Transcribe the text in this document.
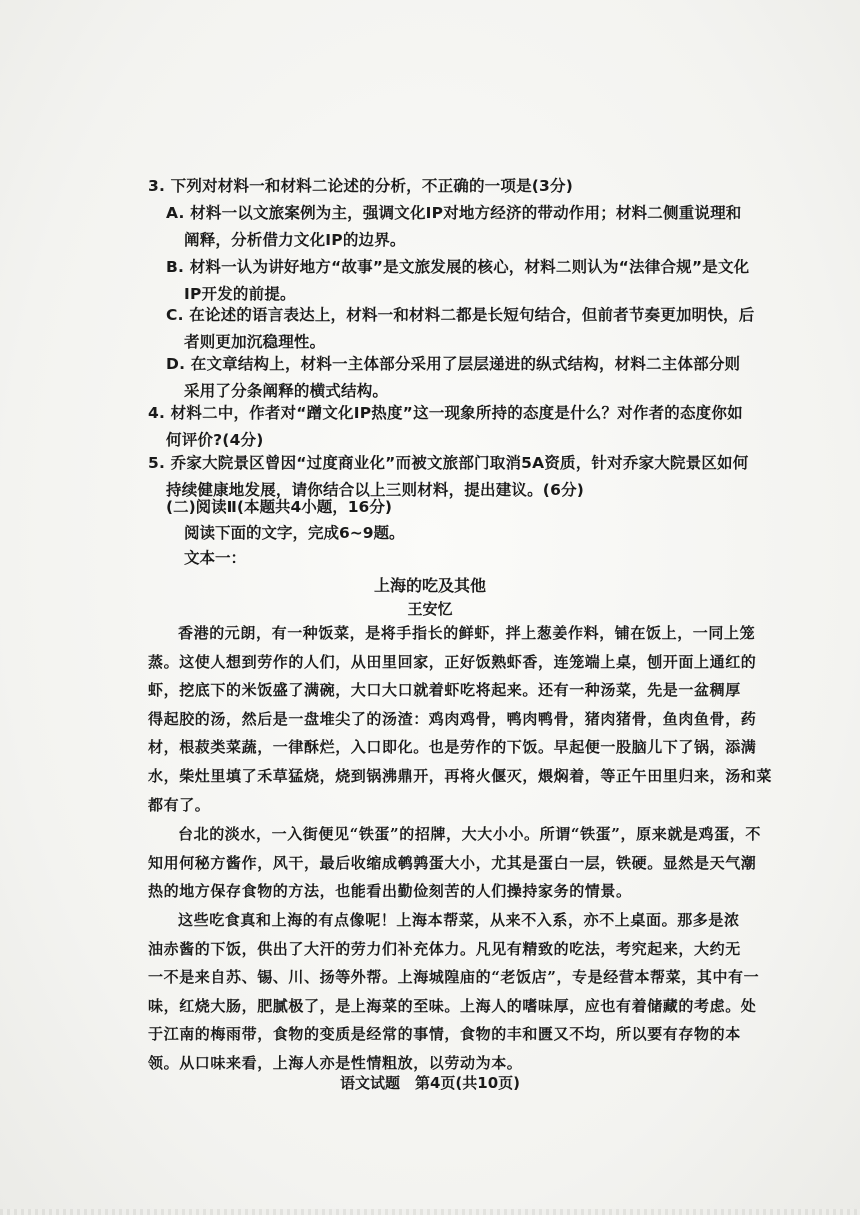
3. 下列对材料一和材料二论述的分析，不正确的一项是(3分)
A. 材料一以文旅案例为主，强调文化IP对地方经济的带动作用；材料二侧重说理和
阐释，分析借力文化IP的边界。
B. 材料一认为讲好地方“故事”是文旅发展的核心，材料二则认为“法律合规”是文化
IP开发的前提。
C. 在论述的语言表达上，材料一和材料二都是长短句结合，但前者节奏更加明快，后
者则更加沉稳理性。
D. 在文章结构上，材料一主体部分采用了层层递进的纵式结构，材料二主体部分则
采用了分条阐释的横式结构。
4. 材料二中，作者对“蹭文化IP热度”这一现象所持的态度是什么？对作者的态度你如
何评价?(4分)
5. 乔家大院景区曾因“过度商业化”而被文旅部门取消5A资质，针对乔家大院景区如何
持续健康地发展，请你结合以上三则材料，提出建议。(6分)
(二)阅读Ⅱ(本题共4小题，16分)
阅读下面的文字，完成6~9题。
文本一：
上海的吃及其他
王安忆
香港的元朗，有一种饭菜，是将手指长的鲜虾，拌上葱姜作料，铺在饭上，一同上笼
蒸。这使人想到劳作的人们，从田里回家，正好饭熟虾香，连笼端上桌，刨开面上通红的
虾，挖底下的米饭盛了满碗，大口大口就着虾吃将起来。还有一种汤菜，先是一盆稠厚
得起胶的汤，然后是一盘堆尖了的汤渣：鸡肉鸡骨，鸭肉鸭骨，猪肉猪骨，鱼肉鱼骨，药
材，根菽类菜蔬，一律酥烂，入口即化。也是劳作的下饭。早起便一股脑儿下了锅，添满
水，柴灶里填了禾草猛烧，烧到锅沸鼎开，再将火偃灭，煨焖着，等正午田里归来，汤和菜
都有了。
台北的淡水，一入街便见“铁蛋”的招牌，大大小小。所谓“铁蛋”，原来就是鸡蛋，不
知用何秘方酱作，风干，最后收缩成鹌鹑蛋大小，尤其是蛋白一层，铁硬。显然是天气潮
热的地方保存食物的方法，也能看出勤俭刻苦的人们操持家务的情景。
这些吃食真和上海的有点像呢！上海本帮菜，从来不入系，亦不上桌面。那多是浓
油赤酱的下饭，供出了大汗的劳力们补充体力。凡见有精致的吃法，考究起来，大约无
一不是来自苏、锡、川、扬等外帮。上海城隍庙的“老饭店”，专是经营本帮菜，其中有一
味，红烧大肠，肥腻极了，是上海菜的至味。上海人的嗜味厚，应也有着储藏的考虑。处
于江南的梅雨带，食物的变质是经常的事情，食物的丰和匮又不均，所以要有存物的本
领。从口味来看，上海人亦是性情粗放，以劳动为本。
语文试题　第4页(共10页)
